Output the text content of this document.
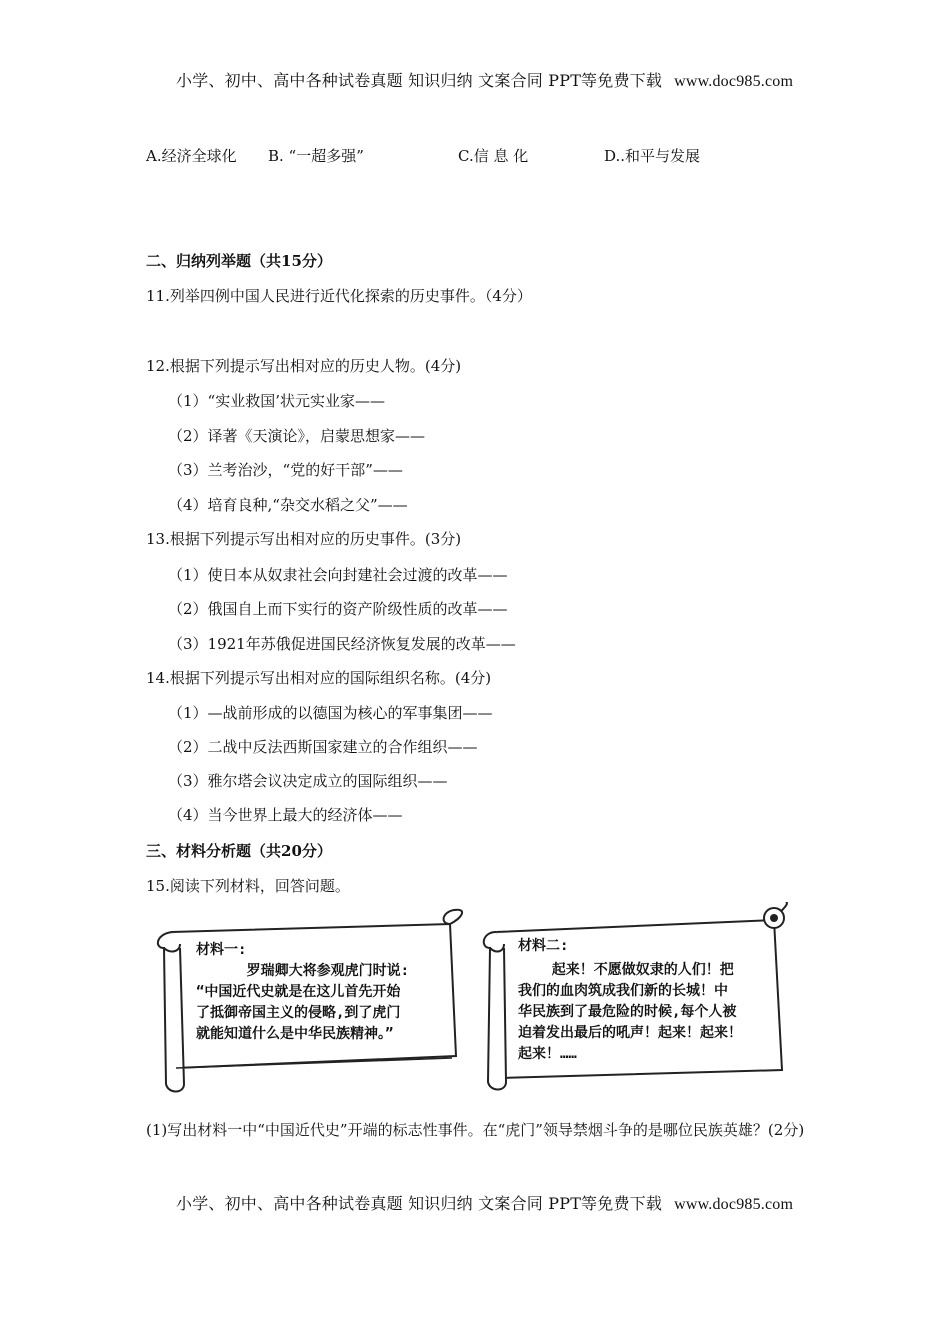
小学、初中、高中各种试卷真题 知识归纳 文案合同 PPT等免费下载 www.doc985.com
A.经济全球化 B. “一超多强”	C.信 息 化	D..和平与发展
二、归纳列举题（共15分）
11.列举四例中国人民进行近代化探索的历史事件。（4分）
12.根据下列提示写出相对应的历史人物。(4分)
（1）“实业救国’状元实业家——
（2）译著《天演论》，启蒙思想家——
（3）兰考治沙，“党的好干部”——
（4）培育良种,“杂交水稻之父”——
13.根据下列提示写出相对应的历史事件。(3分)
（1）使日本从奴隶社会向封建社会过渡的改革——
（2）俄国自上而下实行的资产阶级性质的改革——
（3）1921年苏俄促进国民经济恢复发展的改革——
14.根据下列提示写出相对应的国际组织名称。(4分)
（1）—战前形成的以德国为核心的军事集团——
（2）二战中反法西斯国家建立的合作组织——
（3）雅尔塔会议决定成立的国际组织——
（4）当今世界上最大的经济体——
三、材料分析题（共20分）
15.阅读下列材料，回答问题。
材料一:
罗瑞卿大将参观虎门时说:
“中国近代史就是在这儿首先开始
了抵御帝国主义的侵略,到了虎门
就能知道什么是中华民族精神。”
材料二:
起来！不愿做奴隶的人们！把
我们的血肉筑成我们新的长城！中
华民族到了最危险的时候,每个人被
迫着发出最后的吼声！起来！起来！
起来！……
(1)写出材料一中“中国近代史”开端的标志性事件。在“虎门”领导禁烟斗争的是哪位民族英雄？(2分)
小学、初中、高中各种试卷真题 知识归纳 文案合同 PPT等免费下载 www.doc985.com
